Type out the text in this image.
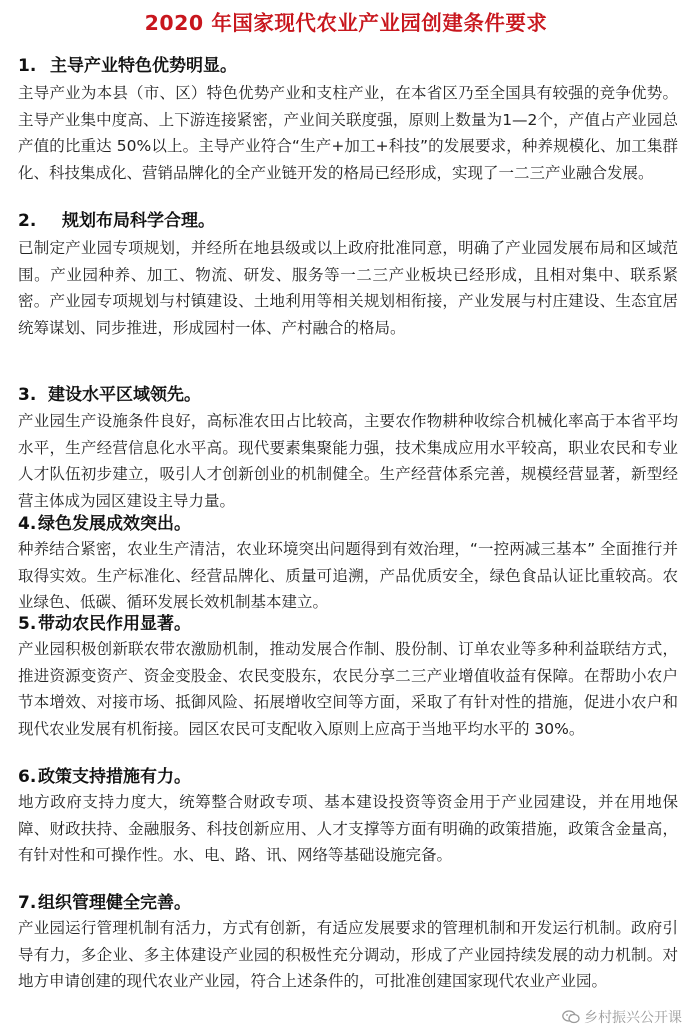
2020 年国家现代农业产业园创建条件要求
1. 主导产业特色优势明显。
主导产业为本县（市、区）特色优势产业和支柱产业，在本省区乃至全国具有较强的竞争优势。主导产业集中度高、上下游连接紧密，产业间关联度强，原则上数量为1—2个，产值占产业园总产值的比重达 50%以上。主导产业符合“生产+加工+科技”的发展要求，种养规模化、加工集群化、科技集成化、营销品牌化的全产业链开发的格局已经形成，实现了一二三产业融合发展。
2. 规划布局科学合理。
已制定产业园专项规划，并经所在地县级或以上政府批准同意，明确了产业园发展布局和区域范围。产业园种养、加工、物流、研发、服务等一二三产业板块已经形成，且相对集中、联系紧密。产业园专项规划与村镇建设、土地利用等相关规划相衔接，产业发展与村庄建设、生态宜居统筹谋划、同步推进，形成园村一体、产村融合的格局。
3. 建设水平区域领先。
产业园生产设施条件良好，高标准农田占比较高，主要农作物耕种收综合机械化率高于本省平均水平，生产经营信息化水平高。现代要素集聚能力强，技术集成应用水平较高，职业农民和专业人才队伍初步建立，吸引人才创新创业的机制健全。生产经营体系完善，规模经营显著，新型经营主体成为园区建设主导力量。
4. 绿色发展成效突出。
种养结合紧密，农业生产清洁，农业环境突出问题得到有效治理，“一控两减三基本” 全面推行并取得实效。生产标准化、经营品牌化、质量可追溯，产品优质安全，绿色食品认证比重较高。农业绿色、低碳、循环发展长效机制基本建立。
5. 带动农民作用显著。
产业园积极创新联农带农激励机制，推动发展合作制、股份制、订单农业等多种利益联结方式，推进资源变资产、资金变股金、农民变股东，农民分享二三产业增值收益有保障。在帮助小农户节本增效、对接市场、抵御风险、拓展增收空间等方面，采取了有针对性的措施，促进小农户和现代农业发展有机衔接。园区农民可支配收入原则上应高于当地平均水平的 30%。
6. 政策支持措施有力。
地方政府支持力度大，统筹整合财政专项、基本建设投资等资金用于产业园建设，并在用地保障、财政扶持、金融服务、科技创新应用、人才支撑等方面有明确的政策措施，政策含金量高，有针对性和可操作性。水、电、路、讯、网络等基础设施完备。
7. 组织管理健全完善。
产业园运行管理机制有活力，方式有创新，有适应发展要求的管理机制和开发运行机制。政府引导有力，多企业、多主体建设产业园的积极性充分调动，形成了产业园持续发展的动力机制。对地方申请创建的现代农业产业园，符合上述条件的，可批准创建国家现代农业产业园。
乡村振兴公开课
